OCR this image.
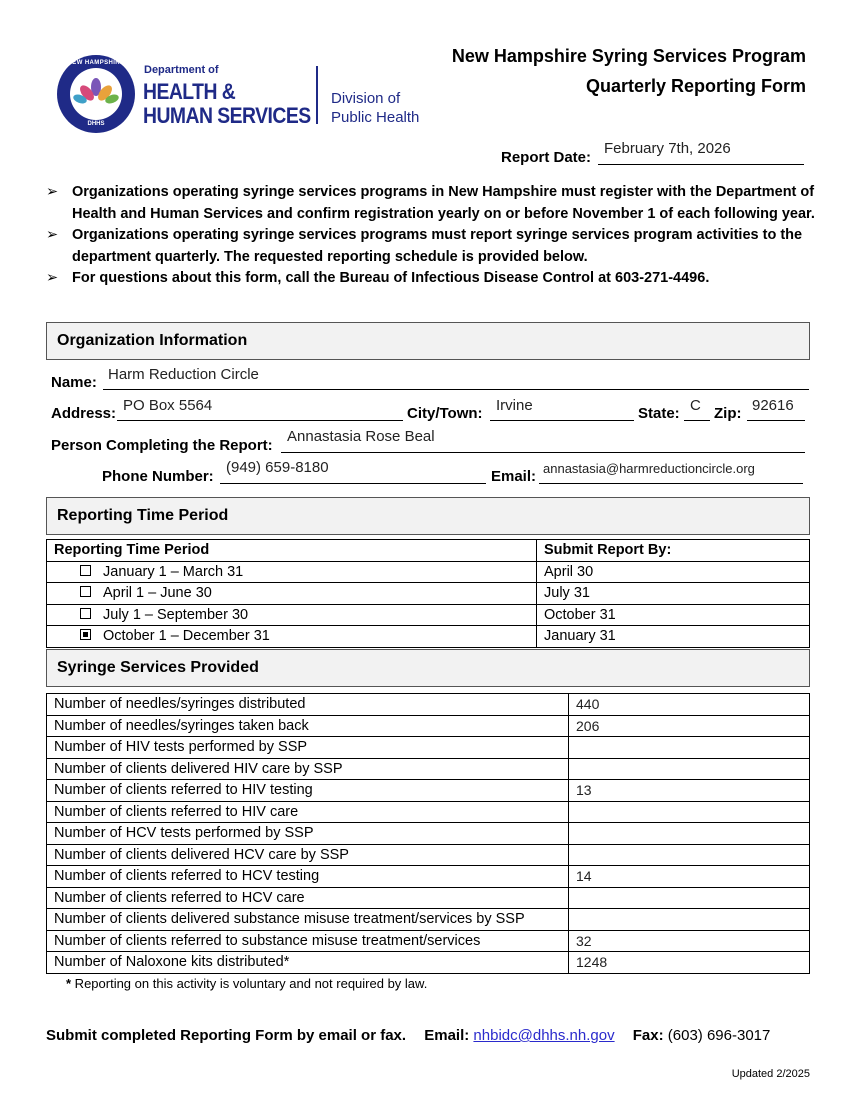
NEW HAMPSHIRE
DHHS
Department of
HEALTH &
HUMAN SERVICES
Division of
Public Health
New Hampshire Syring Services Program
Quarterly Reporting Form
Report Date:
February 7th, 2026
➢ Organizations operating syringe services programs in New Hampshire must register with the Department of Health and Human Services and confirm registration yearly on or before November 1 of each following year.
➢ Organizations operating syringe services programs must report syringe services program activities to the department quarterly. The requested reporting schedule is provided below.
➢ For questions about this form, call the Bureau of Infectious Disease Control at 603-271-4496.
Organization Information
Name: Harm Reduction Circle
Address: PO Box 5564	City/Town: Irvine	State: C Zip: 92616
Person Completing the Report:
Annastasia Rose Beal
Phone Number:
(949) 659-8180
Email: annastasia@harmreductioncircle.org
Reporting Time Period
Reporting Time Period	Submit Report By:
January 1 – March 31	April 30
April 1 – June 30	July 31
July 1 – September 30	October 31
October 1 – December 31	January 31
Syringe Services Provided
Number of needles/syringes distributed	440
Number of needles/syringes taken back	206
Number of HIV tests performed by SSP	
Number of clients delivered HIV care by SSP	
Number of clients referred to HIV testing	13
Number of clients referred to HIV care	
Number of HCV tests performed by SSP	
Number of clients delivered HCV care by SSP	
Number of clients referred to HCV testing	14
Number of clients referred to HCV care	
Number of clients delivered substance misuse treatment/services by SSP	
Number of clients referred to substance misuse treatment/services	32
Number of Naloxone kits distributed*	1248
* Reporting on this activity is voluntary and not required by law.
Submit completed Reporting Form by email or fax. Email: nhbidc@dhhs.nh.gov Fax: (603) 696-3017
Updated 2/2025
